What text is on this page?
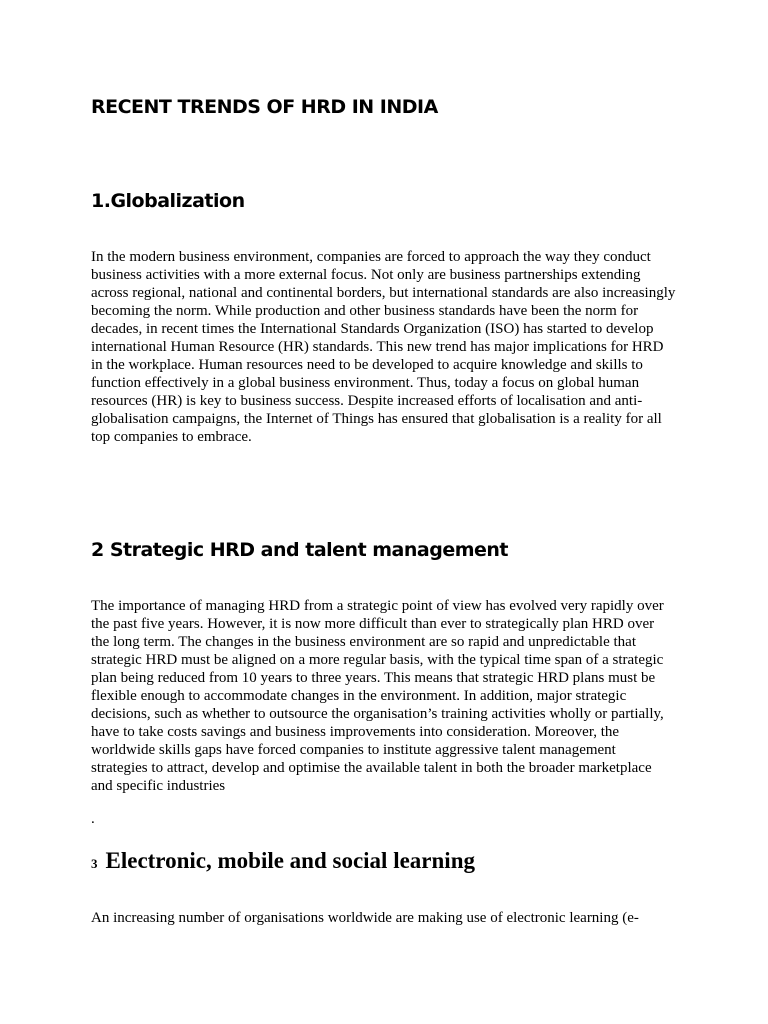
RECENT TRENDS OF HRD IN INDIA
1.Globalization
In the modern business environment, companies are forced to approach the way they conduct
business activities with a more external focus. Not only are business partnerships extending
across regional, national and continental borders, but international standards are also increasingly
becoming the norm. While production and other business standards have been the norm for
decades, in recent times the International Standards Organization (ISO) has started to develop
international Human Resource (HR) standards. This new trend has major implications for HRD
in the workplace. Human resources need to be developed to acquire knowledge and skills to
function effectively in a global business environment. Thus, today a focus on global human
resources (HR) is key to business success. Despite increased efforts of localisation and anti-
globalisation campaigns, the Internet of Things has ensured that globalisation is a reality for all
top companies to embrace.
2 Strategic HRD and talent management
The importance of managing HRD from a strategic point of view has evolved very rapidly over
the past five years. However, it is now more difficult than ever to strategically plan HRD over
the long term. The changes in the business environment are so rapid and unpredictable that
strategic HRD must be aligned on a more regular basis, with the typical time span of a strategic
plan being reduced from 10 years to three years. This means that strategic HRD plans must be
flexible enough to accommodate changes in the environment. In addition, major strategic
decisions, such as whether to outsource the organisation’s training activities wholly or partially,
have to take costs savings and business improvements into consideration. Moreover, the
worldwide skills gaps have forced companies to institute aggressive talent management
strategies to attract, develop and optimise the available talent in both the broader marketplace
and specific industries

.

3 Electronic, mobile and social learning
An increasing number of organisations worldwide are making use of electronic learning (e-
